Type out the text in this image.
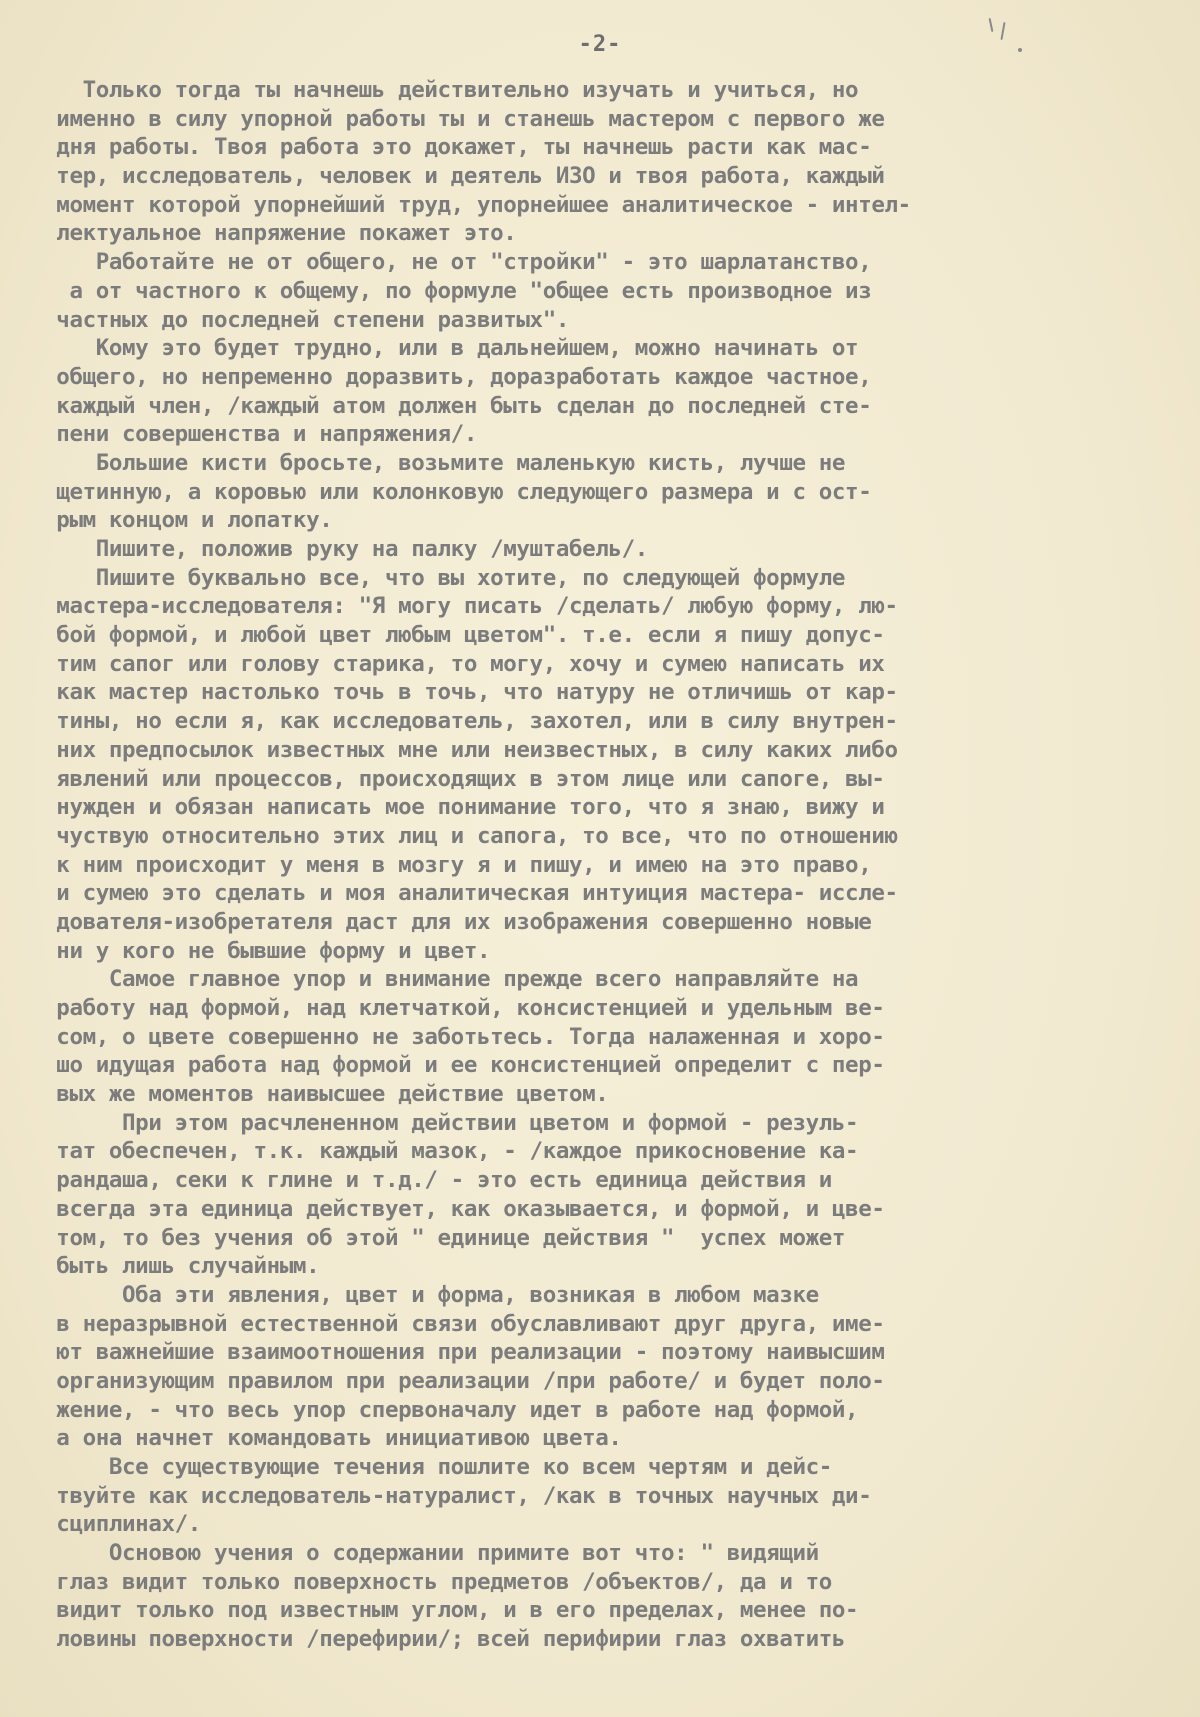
-2-
Только тогда ты начнешь действительно изучать и учиться, но
именно в силу упорной работы ты и станешь мастером с первого же
дня работы. Твоя работа это докажет, ты начнешь расти как мас-
тер, исследователь, человек и деятель ИЗО и твоя работа, каждый
момент которой упорнейший труд, упорнейшее аналитическое - интел-
лектуальное напряжение покажет это.
Работайте не от общего, не от "стройки" - это шарлатанство,
а от частного к общему, по формуле "общее есть производное из
частных до последней степени развитых".
Кому это будет трудно, или в дальнейшем, можно начинать от
общего, но непременно доразвить, доразработать каждое частное,
каждый член, /каждый атом должен быть сделан до последней сте-
пени совершенства и напряжения/.
Большие кисти бросьте, возьмите маленькую кисть, лучше не
щетинную, а коровью или колонковую следующего размера и с ост-
рым концом и лопатку.
Пишите, положив руку на палку /муштабель/.
Пишите буквально все, что вы хотите, по следующей формуле
мастера-исследователя: "Я могу писать /сделать/ любую форму, лю-
бой формой, и любой цвет любым цветом". т.е. если я пишу допус-
тим сапог или голову старика, то могу, хочу и сумею написать их
как мастер настолько точь в точь, что натуру не отличишь от кар-
тины, но если я, как исследователь, захотел, или в силу внутрен-
них предпосылок известных мне или неизвестных, в силу каких либо
явлений или процессов, происходящих в этом лице или сапоге, вы-
нужден и обязан написать мое понимание того, что я знаю, вижу и
чуствую относительно этих лиц и сапога, то все, что по отношению
к ним происходит у меня в мозгу я и пишу, и имею на это право,
и сумею это сделать и моя аналитическая интуиция мастера- иссле-
дователя-изобретателя даст для их изображения совершенно новые
ни у кого не бывшие форму и цвет.
Самое главное упор и внимание прежде всего направляйте на
работу над формой, над клетчаткой, консистенцией и удельным ве-
сом, о цвете совершенно не заботьтесь. Тогда налаженная и хоро-
шо идущая работа над формой и ее консистенцией определит с пер-
вых же моментов наивысшее действие цветом.
При этом расчлененном действии цветом и формой - резуль-
тат обеспечен, т.к. каждый мазок, - /каждое прикосновение ка-
рандаша, секи к глине и т.д./ - это есть единица действия и
всегда эта единица действует, как оказывается, и формой, и цве-
том, то без учения об этой " единице действия "  успех может
быть лишь случайным.
Оба эти явления, цвет и форма, возникая в любом мазке
в неразрывной естественной связи обуславливают друг друга, име-
ют важнейшие взаимоотношения при реализации - поэтому наивысшим
организующим правилом при реализации /при работе/ и будет поло-
жение, - что весь упор спервоначалу идет в работе над формой,
а она начнет командовать инициативою цвета.
Все существующие течения пошлите ко всем чертям и дейс-
твуйте как исследователь-натуралист, /как в точных научных ди-
сциплинах/.
Основою учения о содержании примите вот что: " видящий
глаз видит только поверхность предметов /объектов/, да и то
видит только под известным углом, и в его пределах, менее по-
ловины поверхности /перефирии/; всей перифирии глаз охватить
